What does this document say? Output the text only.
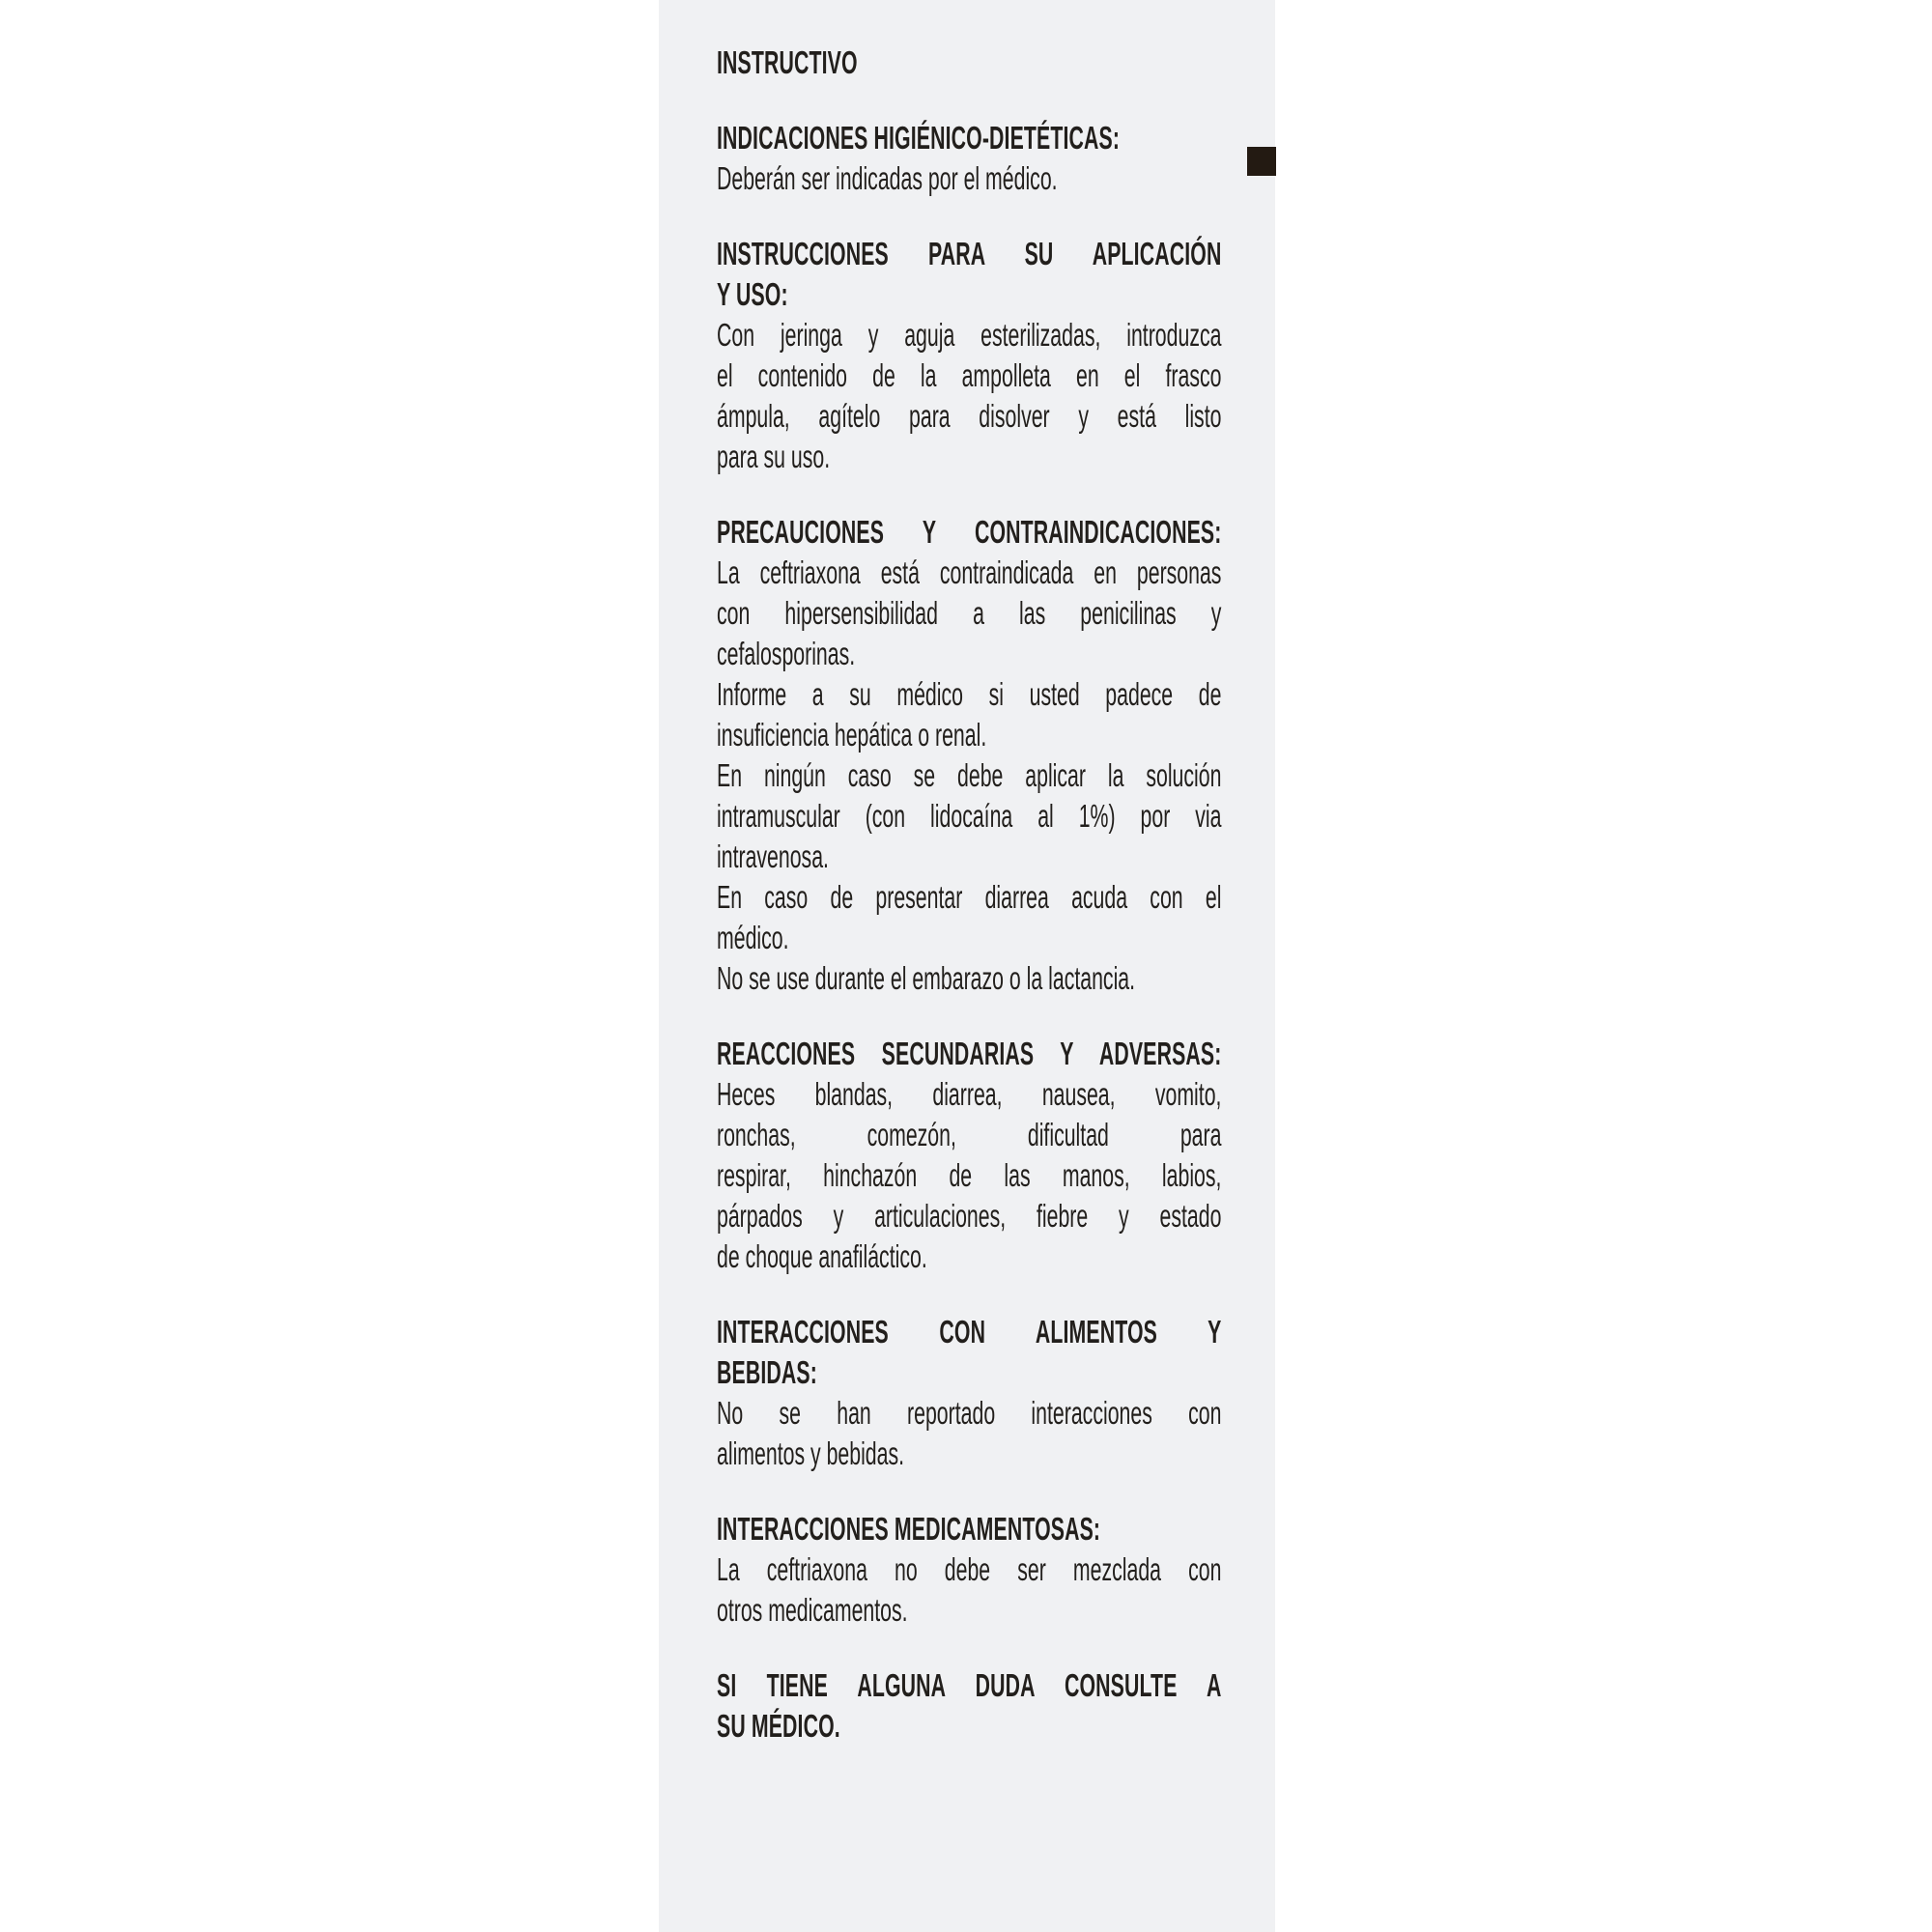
INSTRUCTIVO
INDICACIONES HIGIÉNICO-DIETÉTICAS:
Deberán ser indicadas por el médico.
INSTRUCCIONES PARA SU APLICACIÓN
Y USO:
Con jeringa y aguja esterilizadas, introduzca
el contenido de la ampolleta en el frasco
ámpula, agítelo para disolver y está listo
para su uso.
PRECAUCIONES Y CONTRAINDICACIONES:
La ceftriaxona está contraindicada en personas
con hipersensibilidad a las penicilinas y
cefalosporinas.
Informe a su médico si usted padece de
insuficiencia hepática o renal.
En ningún caso se debe aplicar la solución
intramuscular (con lidocaína al 1%) por via
intravenosa.
En caso de presentar diarrea acuda con el
médico.
No se use durante el embarazo o la lactancia.
REACCIONES SECUNDARIAS Y ADVERSAS:
Heces blandas, diarrea, nausea, vomito,
ronchas, comezón, dificultad para
respirar, hinchazón de las manos, labios,
párpados y articulaciones, fiebre y estado
de choque anafiláctico.
INTERACCIONES CON ALIMENTOS Y
BEBIDAS:
No se han reportado interacciones con
alimentos y bebidas.
INTERACCIONES MEDICAMENTOSAS:
La ceftriaxona no debe ser mezclada con
otros medicamentos.
SI TIENE ALGUNA DUDA CONSULTE A
SU MÉDICO.
